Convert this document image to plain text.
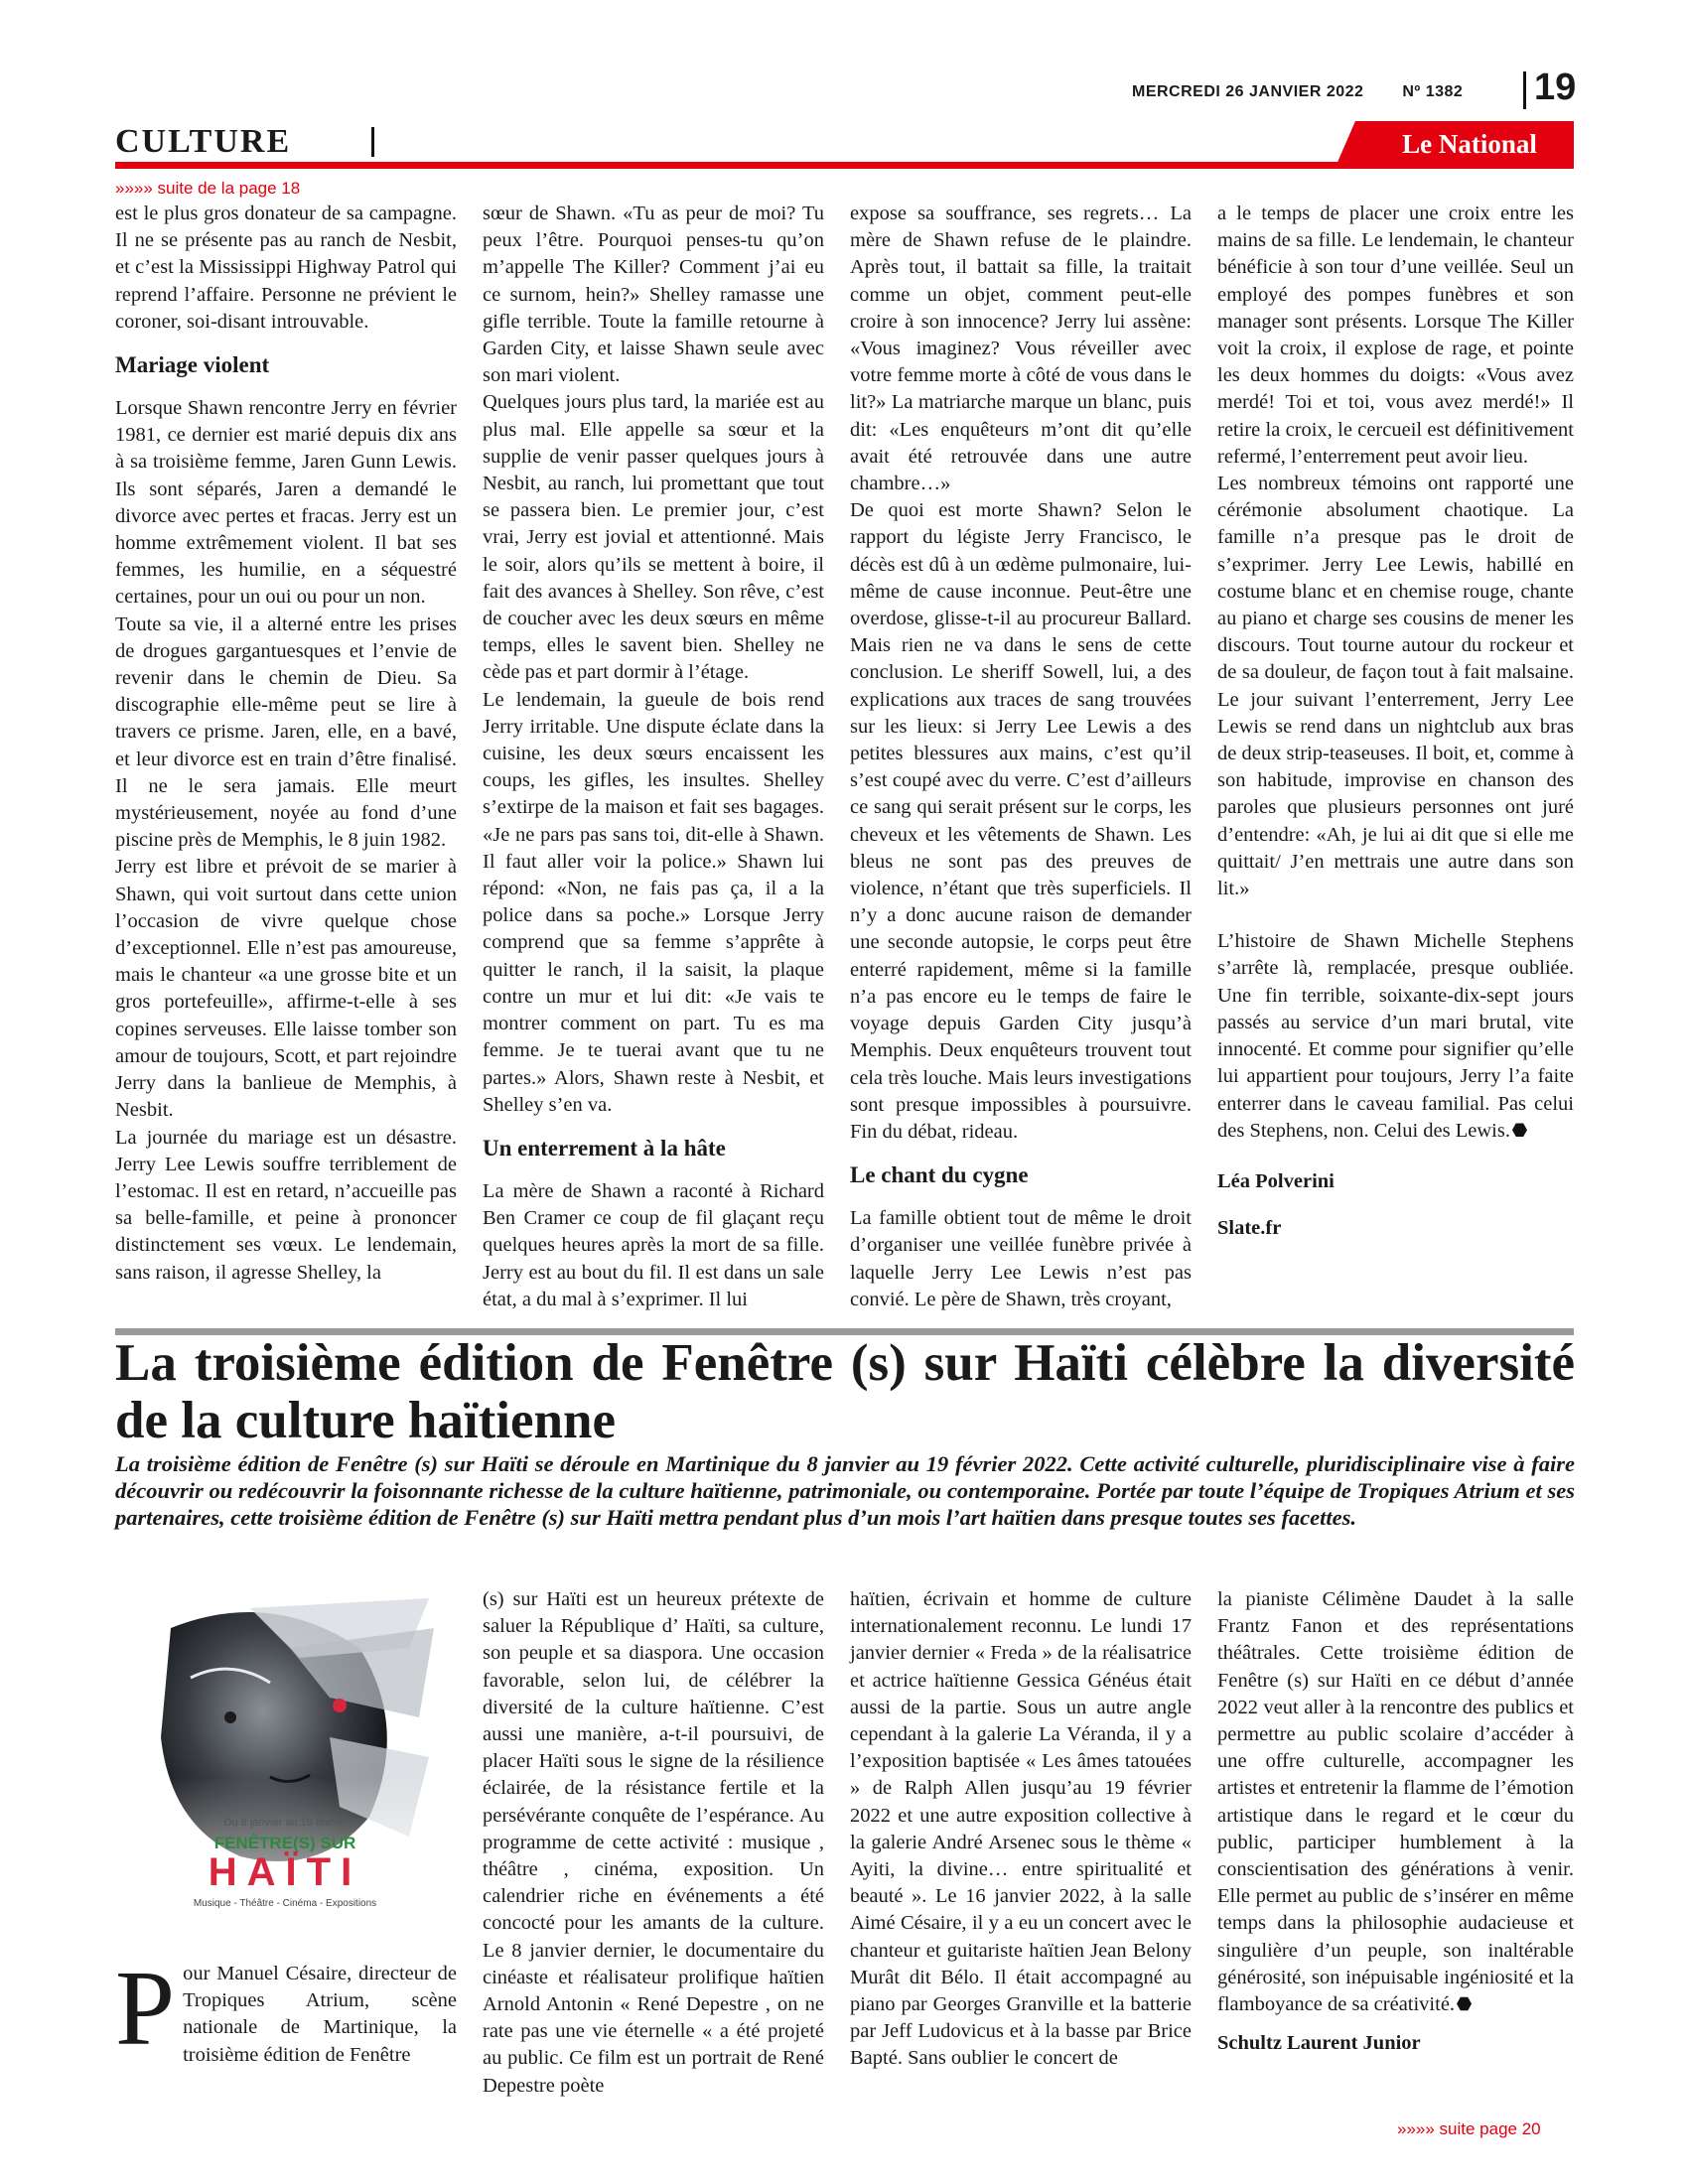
MERCREDI 26 JANVIER 2022 Nº 1382 19
CULTURE	Le National
»»»» suite de la page 18

est le plus gros donateur de sa campagne. Il ne se présente pas au ranch de Nesbit, et c’est la Mississippi Highway Patrol qui reprend l’affaire. Personne ne prévient le coroner, soi-disant introuvable.

Mariage violent

Lorsque Shawn rencontre Jerry en février 1981, ce dernier est marié depuis dix ans à sa troisième femme, Jaren Gunn Lewis. Ils sont séparés, Jaren a demandé le divorce avec pertes et fracas. Jerry est un homme extrêmement violent. Il bat ses femmes, les humilie, en a séquestré certaines, pour un oui ou pour un non.

Toute sa vie, il a alterné entre les prises de drogues gargantuesques et l’envie de revenir dans le chemin de Dieu. Sa discographie elle-même peut se lire à travers ce prisme. Jaren, elle, en a bavé, et leur divorce est en train d’être finalisé. Il ne le sera jamais. Elle meurt mystérieusement, noyée au fond d’une piscine près de Memphis, le 8 juin 1982.

Jerry est libre et prévoit de se marier à Shawn, qui voit surtout dans cette union l’occasion de vivre quelque chose d’exceptionnel. Elle n’est pas amoureuse, mais le chanteur «a une grosse bite et un gros portefeuille», affirme-t-elle à ses copines serveuses. Elle laisse tomber son amour de toujours, Scott, et part rejoindre Jerry dans la banlieue de Memphis, à Nesbit.

La journée du mariage est un désastre. Jerry Lee Lewis souffre terriblement de l’estomac. Il est en retard, n’accueille pas sa belle-famille, et peine à prononcer distinctement ses vœux. Le lendemain, sans raison, il agresse Shelley, la

sœur de Shawn. «Tu as peur de moi? Tu peux l’être. Pourquoi penses-tu qu’on m’appelle The Killer? Comment j’ai eu ce surnom, hein?» Shelley ramasse une gifle terrible. Toute la famille retourne à Garden City, et laisse Shawn seule avec son mari violent.

Quelques jours plus tard, la mariée est au plus mal. Elle appelle sa sœur et la supplie de venir passer quelques jours à Nesbit, au ranch, lui promettant que tout se passera bien. Le premier jour, c’est vrai, Jerry est jovial et attentionné. Mais le soir, alors qu’ils se mettent à boire, il fait des avances à Shelley. Son rêve, c’est de coucher avec les deux sœurs en même temps, elles le savent bien. Shelley ne cède pas et part dormir à l’étage.

Le lendemain, la gueule de bois rend Jerry irritable. Une dispute éclate dans la cuisine, les deux sœurs encaissent les coups, les gifles, les insultes. Shelley s’extirpe de la maison et fait ses bagages. «Je ne pars pas sans toi, dit-elle à Shawn. Il faut aller voir la police.» Shawn lui répond: «Non, ne fais pas ça, il a la police dans sa poche.» Lorsque Jerry comprend que sa femme s’apprête à quitter le ranch, il la saisit, la plaque contre un mur et lui dit: «Je vais te montrer comment on part. Tu es ma femme. Je te tuerai avant que tu ne partes.» Alors, Shawn reste à Nesbit, et Shelley s’en va.

Un enterrement à la hâte

La mère de Shawn a raconté à Richard Ben Cramer ce coup de fil glaçant reçu quelques heures après la mort de sa fille. Jerry est au bout du fil. Il est dans un sale état, a du mal à s’exprimer. Il lui

expose sa souffrance, ses regrets… La mère de Shawn refuse de le plaindre. Après tout, il battait sa fille, la traitait comme un objet, comment peut-elle croire à son innocence? Jerry lui assène: «Vous imaginez? Vous réveiller avec votre femme morte à côté de vous dans le lit?» La matriarche marque un blanc, puis dit: «Les enquêteurs m’ont dit qu’elle avait été retrouvée dans une autre chambre…»

De quoi est morte Shawn? Selon le rapport du légiste Jerry Francisco, le décès est dû à un œdème pulmonaire, lui-même de cause inconnue. Peut-être une overdose, glisse-t-il au procureur Ballard. Mais rien ne va dans le sens de cette conclusion. Le sheriff Sowell, lui, a des explications aux traces de sang trouvées sur les lieux: si Jerry Lee Lewis a des petites blessures aux mains, c’est qu’il s’est coupé avec du verre. C’est d’ailleurs ce sang qui serait présent sur le corps, les cheveux et les vêtements de Shawn. Les bleus ne sont pas des preuves de violence, n’étant que très superficiels. Il n’y a donc aucune raison de demander une seconde autopsie, le corps peut être enterré rapidement, même si la famille n’a pas encore eu le temps de faire le voyage depuis Garden City jusqu’à Memphis. Deux enquêteurs trouvent tout cela très louche. Mais leurs investigations sont presque impossibles à poursuivre. Fin du débat, rideau.

Le chant du cygne

La famille obtient tout de même le droit d’organiser une veillée funèbre privée à laquelle Jerry Lee Lewis n’est pas convié. Le père de Shawn, très croyant,

a le temps de placer une croix entre les mains de sa fille. Le lendemain, le chanteur bénéficie à son tour d’une veillée. Seul un employé des pompes funèbres et son manager sont présents. Lorsque The Killer voit la croix, il explose de rage, et pointe les deux hommes du doigts: «Vous avez merdé! Toi et toi, vous avez merdé!» Il retire la croix, le cercueil est définitivement refermé, l’enterrement peut avoir lieu.

Les nombreux témoins ont rapporté une cérémonie absolument chaotique. La famille n’a presque pas le droit de s’exprimer. Jerry Lee Lewis, habillé en costume blanc et en chemise rouge, chante au piano et charge ses cousins de mener les discours. Tout tourne autour du rockeur et de sa douleur, de façon tout à fait malsaine. Le jour suivant l’enterrement, Jerry Lee Lewis se rend dans un nightclub aux bras de deux strip-teaseuses. Il boit, et, comme à son habitude, improvise en chanson des paroles que plusieurs personnes ont juré d’entendre: «Ah, je lui ai dit que si elle me quittait/ J’en mettrais une autre dans son lit.»

L’histoire de Shawn Michelle Stephens s’arrête là, remplacée, presque oubliée. Une fin terrible, soixante-dix-sept jours passés au service d’un mari brutal, vite innocenté. Et comme pour signifier qu’elle lui appartient pour toujours, Jerry l’a faite enterrer dans le caveau familial. Pas celui des Stephens, non. Celui des Lewis.

Léa Polverini

Slate.fr

La troisième édition de Fenêtre (s) sur Haïti célèbre la diversité de la culture haïtienne

La troisième édition de Fenêtre (s) sur Haïti se déroule en Martinique du 8 janvier au 19 février 2022. Cette activité culturelle, pluridisciplinaire vise à faire découvrir ou redécouvrir la foisonnante richesse de la culture haïtienne, patrimoniale, ou contemporaine. Portée par toute l’équipe de Tropiques Atrium et ses partenaires, cette troisième édition de Fenêtre (s) sur Haïti mettra pendant plus d’un mois l’art haïtien dans presque toutes ses facettes.

Du 8 janvier au 19 février
FENÊTRE(S) SUR
HAÏTI
Musique - Théâtre - Cinéma - Expositions
P our Manuel Césaire, directeur de Tropiques Atrium, scène nationale de Martinique, la troisième édition de Fenêtre

(s) sur Haïti est un heureux prétexte de saluer la République d’ Haïti, sa culture, son peuple et sa diaspora. Une occasion favorable, selon lui, de célébrer la diversité de la culture haïtienne. C’est aussi une manière, a-t-il poursuivi, de placer Haïti sous le signe de la résilience éclairée, de la résistance fertile et la persévérante conquête de l’espérance. Au programme de cette activité : musique , théâtre , cinéma, exposition. Un calendrier riche en événements a été concocté pour les amants de la culture. Le 8 janvier dernier, le documentaire du cinéaste et réalisateur prolifique haïtien Arnold Antonin « René Depestre , on ne rate pas une vie éternelle « a été projeté au public. Ce film est un portrait de René Depestre poète

haïtien, écrivain et homme de culture internationalement reconnu. Le lundi 17 janvier dernier « Freda » de la réalisatrice et actrice haïtienne Gessica Généus était aussi de la partie. Sous un autre angle cependant à la galerie La Véranda, il y a l’exposition baptisée « Les âmes tatouées » de Ralph Allen jusqu’au 19 février 2022 et une autre exposition collective à la galerie André Arsenec sous le thème « Ayiti, la divine… entre spiritualité et beauté ». Le 16 janvier 2022, à la salle Aimé Césaire, il y a eu un concert avec le chanteur et guitariste haïtien Jean Belony Murât dit Bélo. Il était accompagné au piano par Georges Granville et la batterie par Jeff Ludovicus et à la basse par Brice Bapté. Sans oublier le concert de

la pianiste Célimène Daudet à la salle Frantz Fanon et des représentations théâtrales. Cette troisième édition de Fenêtre (s) sur Haïti en ce début d’année 2022 veut aller à la rencontre des publics et permettre au public scolaire d’accéder à une offre culturelle, accompagner les artistes et entretenir la flamme de l’émotion artistique dans le regard et le cœur du public, participer humblement à la conscientisation des générations à venir. Elle permet au public de s’insérer en même temps dans la philosophie audacieuse et singulière d’un peuple, son inaltérable générosité, son inépuisable ingéniosité et la flamboyance de sa créativité.

Schultz Laurent Junior

»»»» suite page 20
